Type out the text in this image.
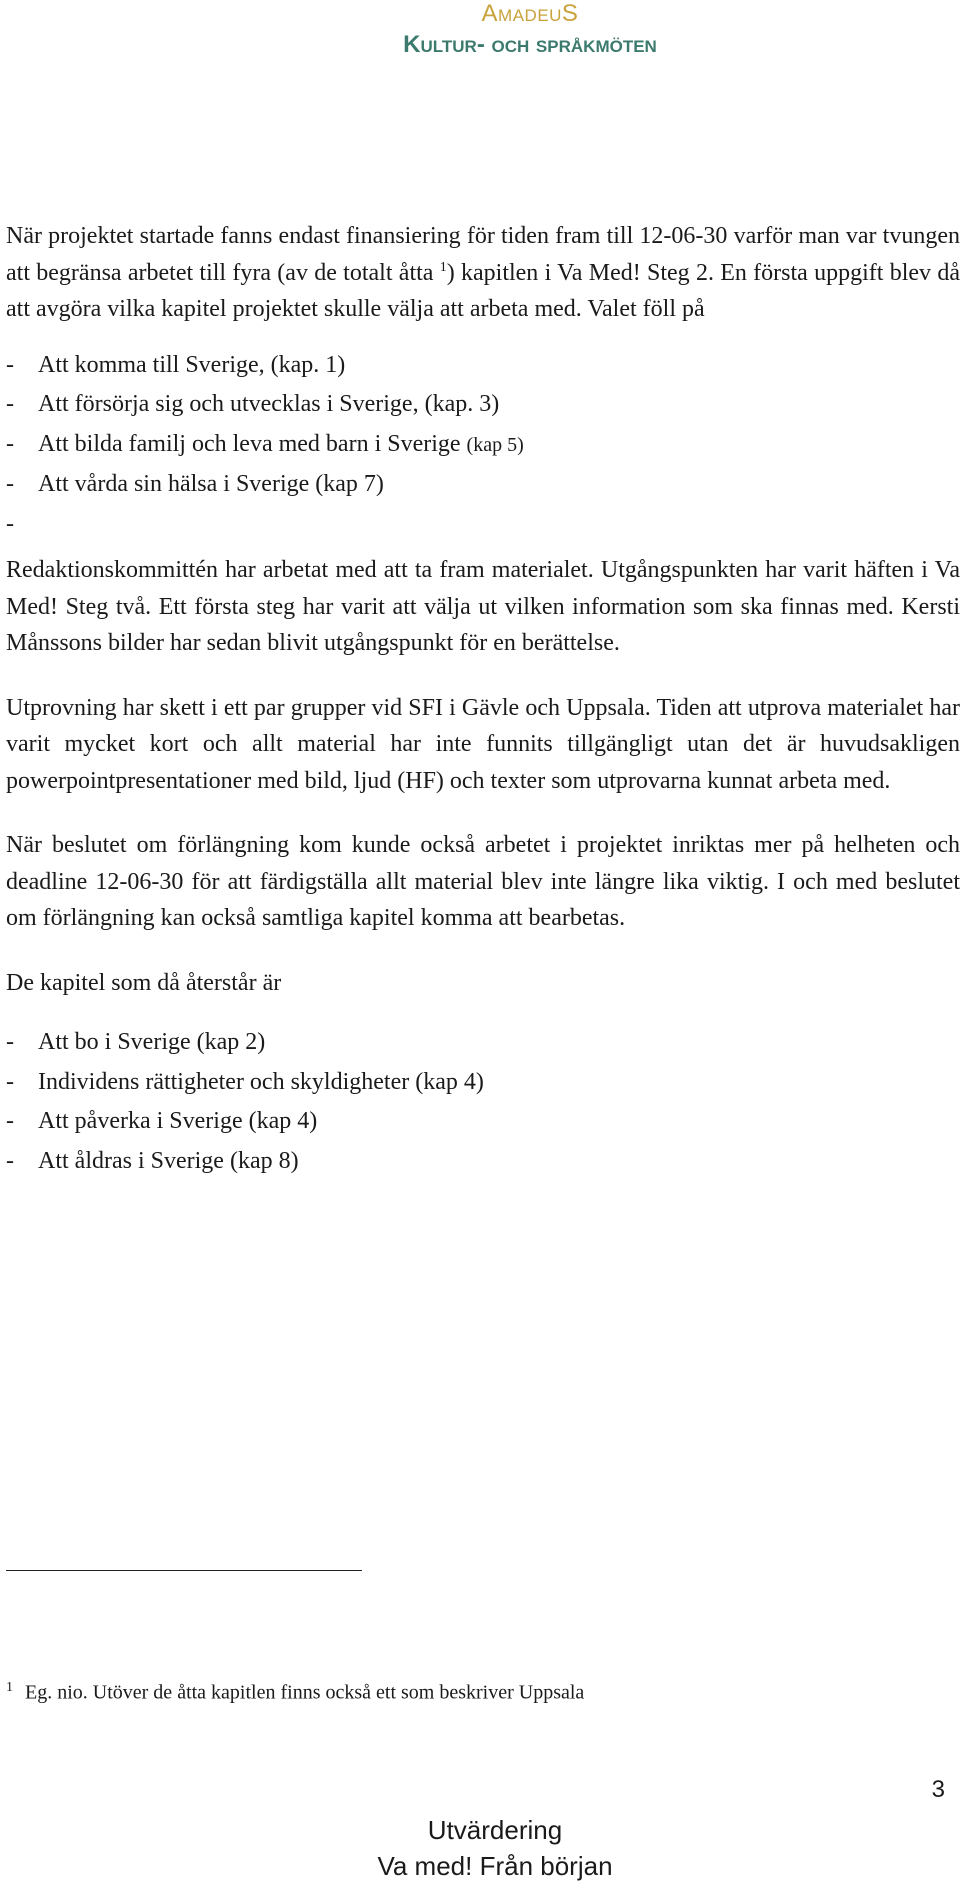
AmadeuS
Kultur- och språkmöten

När projektet startade fanns endast finansiering för tiden fram till 12-06-30 varför man var tvungen att begränsa arbetet till fyra (av de totalt åtta $^1$) kapitlen i Va Med! Steg 2. En första uppgift blev då att avgöra vilka kapitel projektet skulle välja att arbeta med. Valet föll på

-	Att komma till Sverige, (kap. 1)
-	Att försörja sig och utvecklas i Sverige, (kap. 3)
-	Att bilda familj och leva med barn i Sverige (kap 5)
-	Att vårda sin hälsa i Sverige (kap 7)
-

Redaktionskommittén har arbetat med att ta fram materialet. Utgångspunkten har varit häften i Va Med! Steg två. Ett första steg har varit att välja ut vilken information som ska finnas med. Kersti Månssons bilder har sedan blivit utgångspunkt för en berättelse.

Utprovning har skett i ett par grupper vid SFI i Gävle och Uppsala. Tiden att utprova materialet har varit mycket kort och allt material har inte funnits tillgängligt utan det är huvudsakligen powerpointpresentationer med bild, ljud (HF) och texter som utprovarna kunnat arbeta med.

När beslutet om förlängning kom kunde också arbetet i projektet inriktas mer på helheten och deadline 12-06-30 för att färdigställa allt material blev inte längre lika viktig. I och med beslutet om förlängning kan också samtliga kapitel komma att bearbetas.

De kapitel som då återstår är

-	Att bo i Sverige (kap 2)
-	Individens rättigheter och skyldigheter (kap 4)
-	Att påverka i Sverige (kap 4)
-	Att åldras i Sverige (kap 8)
$^1$ Eg. nio. Utöver de åtta kapitlen finns också ett som beskriver Uppsala
3
Utvärdering
Va med! Från början
